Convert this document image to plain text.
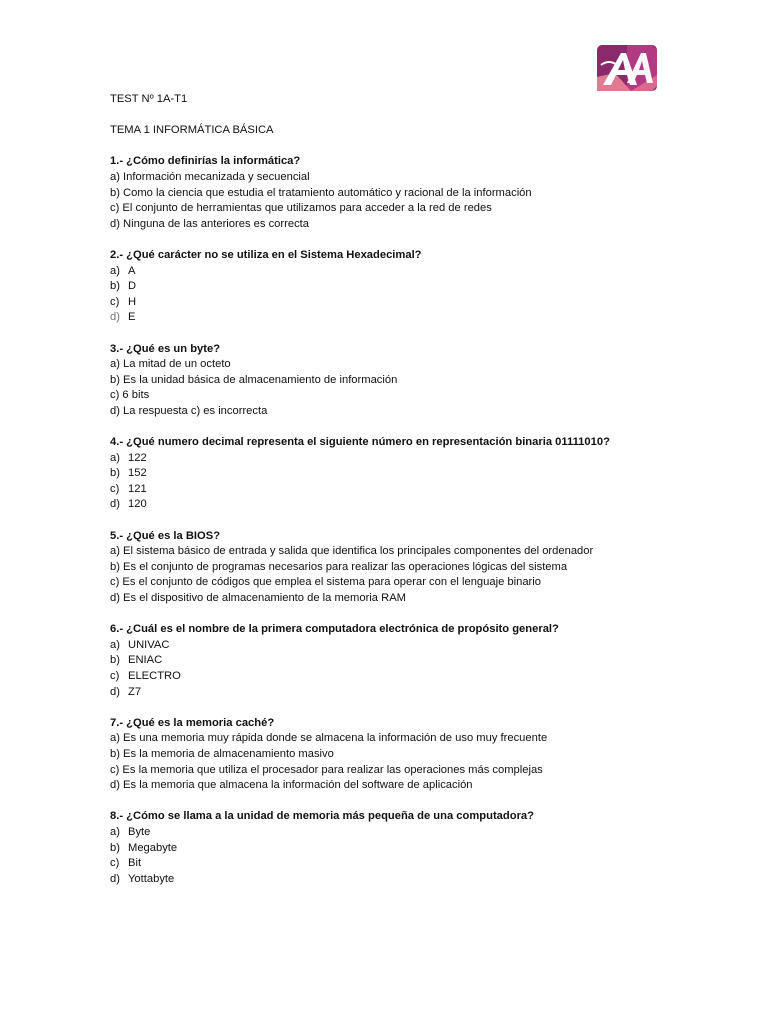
TEST Nº 1A-T1
TEMA 1 INFORMÁTICA BÁSICA
1.- ¿Cómo definirías la informática?
a) Información mecanizada y secuencial
b) Como la ciencia que estudia el tratamiento automático y racional de la información
c) El conjunto de herramientas que utilizamos para acceder a la red de redes
d) Ninguna de las anteriores es correcta
2.- ¿Qué carácter no se utiliza en el Sistema Hexadecimal?
a) A
b) D
c) H
d) E
3.- ¿Qué es un byte?
a) La mitad de un octeto
b) Es la unidad básica de almacenamiento de información
c) 6 bits
d) La respuesta c) es incorrecta
4.- ¿Qué numero decimal representa el siguiente número en representación binaria 01111010?
a) 122
b) 152
c) 121
d) 120
5.- ¿Qué es la BIOS?
a) El sistema básico de entrada y salida que identifica los principales componentes del ordenador
b) Es el conjunto de programas necesarios para realizar las operaciones lógicas del sistema
c) Es el conjunto de códigos que emplea el sistema para operar con el lenguaje binario
d) Es el dispositivo de almacenamiento de la memoria RAM
6.- ¿Cuál es el nombre de la primera computadora electrónica de propósito general?
a) UNIVAC
b) ENIAC
c) ELECTRO
d) Z7
7.- ¿Qué es la memoria caché?
a) Es una memoria muy rápida donde se almacena la información de uso muy frecuente
b) Es la memoria de almacenamiento masivo
c) Es la memoria que utiliza el procesador para realizar las operaciones más complejas
d) Es la memoria que almacena la información del software de aplicación
8.- ¿Cómo se llama a la unidad de memoria más pequeña de una computadora?
a) Byte
b) Megabyte
c) Bit
d) Yottabyte
